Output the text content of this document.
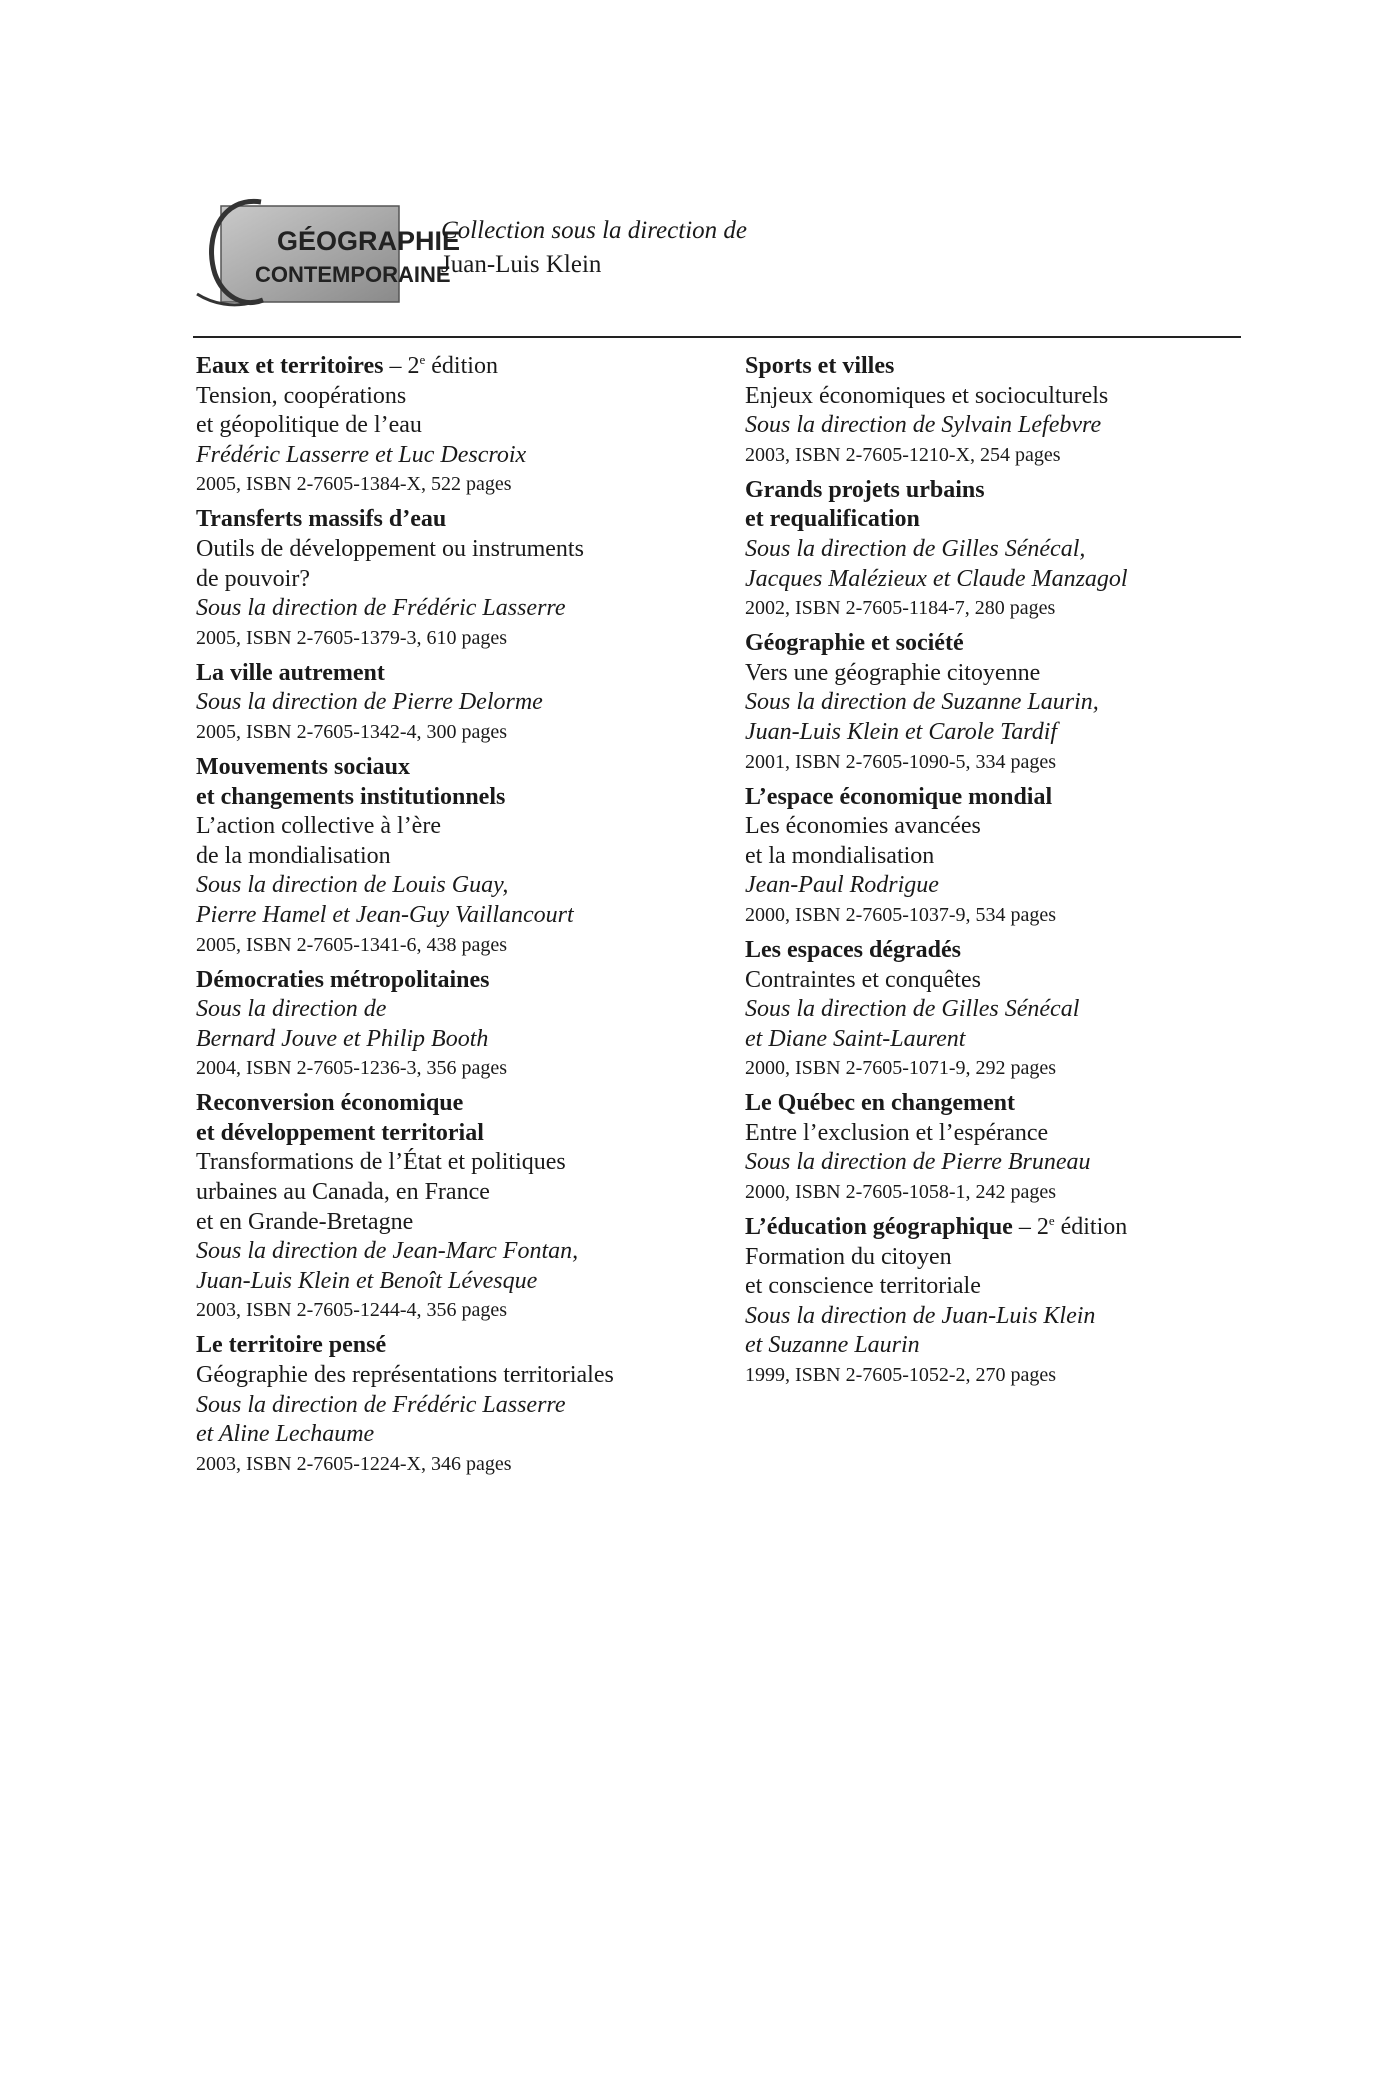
GÉOGRAPHIE
CONTEMPORAINE
Collection sous la direction de
Juan-Luis Klein
Eaux et territoires – 2e édition
Tension, coopérations
et géopolitique de l’eau
Frédéric Lasserre et Luc Descroix
2005, ISBN 2-7605-1384-X, 522 pages
Transferts massifs d’eau
Outils de développement ou instruments
de pouvoir?
Sous la direction de Frédéric Lasserre
2005, ISBN 2-7605-1379-3, 610 pages
La ville autrement
Sous la direction de Pierre Delorme
2005, ISBN 2-7605-1342-4, 300 pages
Mouvements sociaux
et changements institutionnels
L’action collective à l’ère
de la mondialisation
Sous la direction de Louis Guay,
Pierre Hamel et Jean-Guy Vaillancourt
2005, ISBN 2-7605-1341-6, 438 pages
Démocraties métropolitaines
Sous la direction de
Bernard Jouve et Philip Booth
2004, ISBN 2-7605-1236-3, 356 pages
Reconversion économique
et développement territorial
Transformations de l’État et politiques
urbaines au Canada, en France
et en Grande-Bretagne
Sous la direction de Jean-Marc Fontan,
Juan-Luis Klein et Benoît Lévesque
2003, ISBN 2-7605-1244-4, 356 pages
Le territoire pensé
Géographie des représentations territoriales
Sous la direction de Frédéric Lasserre
et Aline Lechaume
2003, ISBN 2-7605-1224-X, 346 pages
Sports et villes
Enjeux économiques et socioculturels
Sous la direction de Sylvain Lefebvre
2003, ISBN 2-7605-1210-X, 254 pages
Grands projets urbains
et requalification
Sous la direction de Gilles Sénécal,
Jacques Malézieux et Claude Manzagol
2002, ISBN 2-7605-1184-7, 280 pages
Géographie et société
Vers une géographie citoyenne
Sous la direction de Suzanne Laurin,
Juan-Luis Klein et Carole Tardif
2001, ISBN 2-7605-1090-5, 334 pages
L’espace économique mondial
Les économies avancées
et la mondialisation
Jean-Paul Rodrigue
2000, ISBN 2-7605-1037-9, 534 pages
Les espaces dégradés
Contraintes et conquêtes
Sous la direction de Gilles Sénécal
et Diane Saint-Laurent
2000, ISBN 2-7605-1071-9, 292 pages
Le Québec en changement
Entre l’exclusion et l’espérance
Sous la direction de Pierre Bruneau
2000, ISBN 2-7605-1058-1, 242 pages
L’éducation géographique – 2e édition
Formation du citoyen
et conscience territoriale
Sous la direction de Juan-Luis Klein
et Suzanne Laurin
1999, ISBN 2-7605-1052-2, 270 pages
